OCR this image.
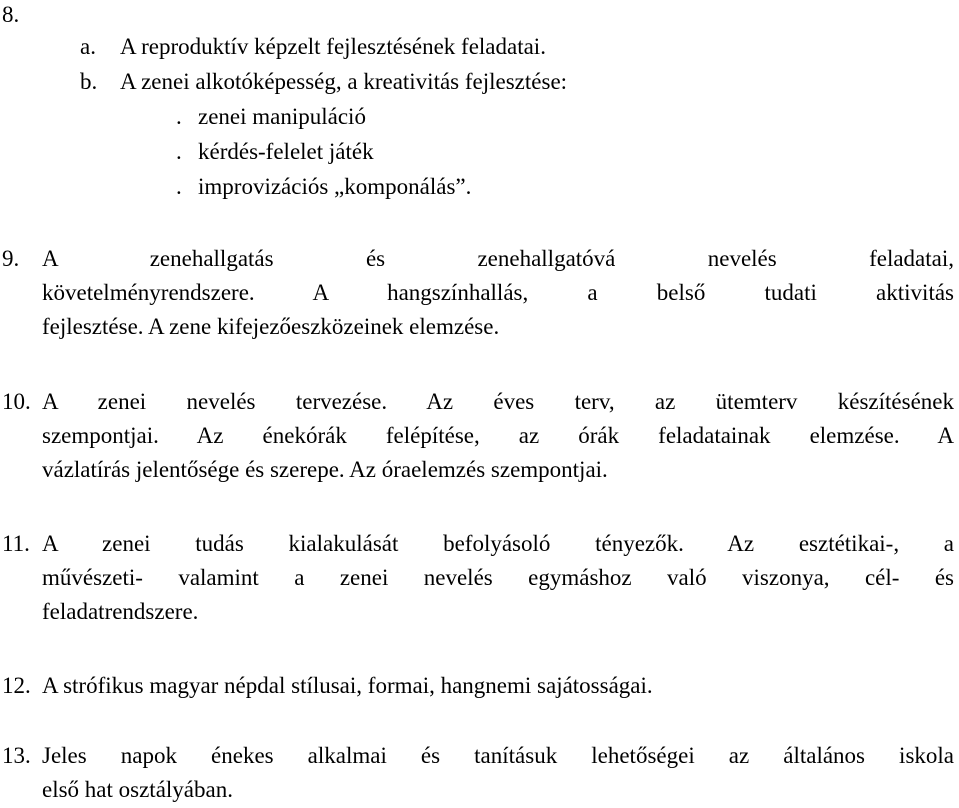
8.
a. A reproduktív képzelt fejlesztésének feladatai.
b. A zenei alkotóképesség, a kreativitás fejlesztése:
. zenei manipuláció
. kérdés-felelet játék
. improvizációs „komponálás”.
9. A zenehallgatás és zenehallgatóvá nevelés feladatai,
követelményrendszere. A hangszínhallás, a belső tudati aktivitás
fejlesztése. A zene kifejezőeszközeinek elemzése.
10. A zenei nevelés tervezése. Az éves terv, az ütemterv készítésének
szempontjai. Az énekórák felépítése, az órák feladatainak elemzése. A
vázlatírás jelentősége és szerepe. Az óraelemzés szempontjai.
11. A zenei tudás kialakulását befolyásoló tényezők. Az esztétikai-, a
művészeti- valamint a zenei nevelés egymáshoz való viszonya, cél- és
feladatrendszere.
12. A strófikus magyar népdal stílusai, formai, hangnemi sajátosságai.
13. Jeles napok énekes alkalmai és tanításuk lehetőségei az általános iskola
első hat osztályában.
